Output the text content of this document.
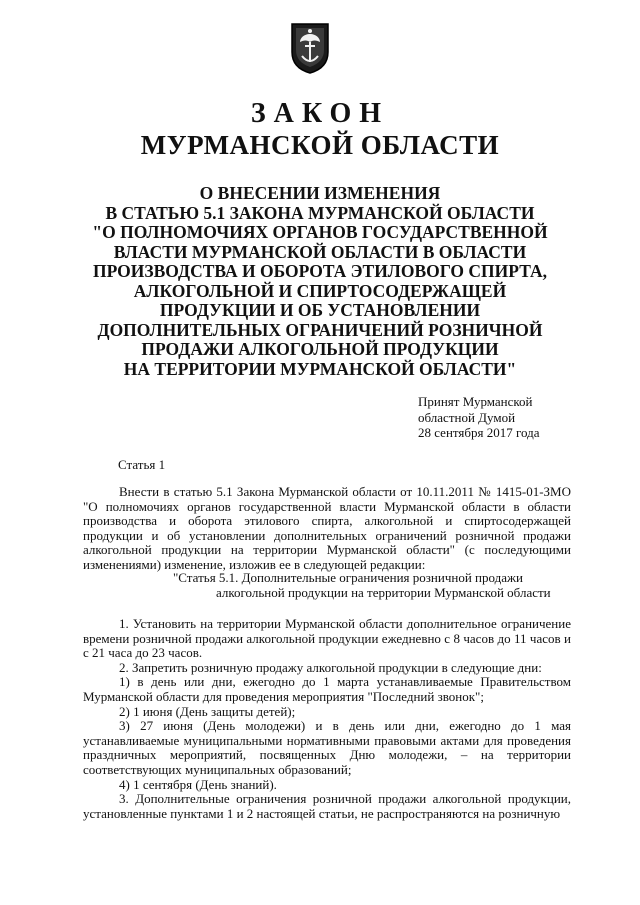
ЗАКОН
МУРМАНСКОЙ ОБЛАСТИ
О ВНЕСЕНИИ ИЗМЕНЕНИЯ
В СТАТЬЮ 5.1 ЗАКОНА МУРМАНСКОЙ ОБЛАСТИ
"О ПОЛНОМОЧИЯХ ОРГАНОВ ГОСУДАРСТВЕННОЙ
ВЛАСТИ МУРМАНСКОЙ ОБЛАСТИ В ОБЛАСТИ
ПРОИЗВОДСТВА И ОБОРОТА ЭТИЛОВОГО СПИРТА,
АЛКОГОЛЬНОЙ И СПИРТОСОДЕРЖАЩЕЙ
ПРОДУКЦИИ И ОБ УСТАНОВЛЕНИИ
ДОПОЛНИТЕЛЬНЫХ ОГРАНИЧЕНИЙ РОЗНИЧНОЙ
ПРОДАЖИ АЛКОГОЛЬНОЙ ПРОДУКЦИИ
НА ТЕРРИТОРИИ МУРМАНСКОЙ ОБЛАСТИ"
Принят Мурманской
областной Думой
28 сентября 2017 года
Статья 1

Внести в статью 5.1 Закона Мурманской области от 10.11.2011 № 1415-01-ЗМО "О полномочиях органов государственной власти Мурманской области в области производства и оборота этилового спирта, алкогольной и спиртосодержащей продукции и об установлении дополнительных ограничений розничной продажи алкогольной продукции на территории Мурманской области" (с последующими изменениями) изменение, изложив ее в следующей редакции:

"Статья 5.1. Дополнительные ограничения розничной продажи
алкогольной продукции на территории Мурманской области

1. Установить на территории Мурманской области дополнительное ограничение времени розничной продажи алкогольной продукции ежедневно с 8 часов до 11 часов и с 21 часа до 23 часов.

2. Запретить розничную продажу алкогольной продукции в следующие дни:

1) в день или дни, ежегодно до 1 марта устанавливаемые Правительством Мурманской области для проведения мероприятия "Последний звонок";

2) 1 июня (День защиты детей);

3) 27 июня (День молодежи) и в день или дни, ежегодно до 1 мая устанавливаемые муниципальными нормативными правовыми актами для проведения праздничных мероприятий, посвященных Дню молодежи, – на территории соответствующих муниципальных образований;

4) 1 сентября (День знаний).

3. Дополнительные ограничения розничной продажи алкогольной продукции, установленные пунктами 1 и 2 настоящей статьи, не распространяются на розничную
